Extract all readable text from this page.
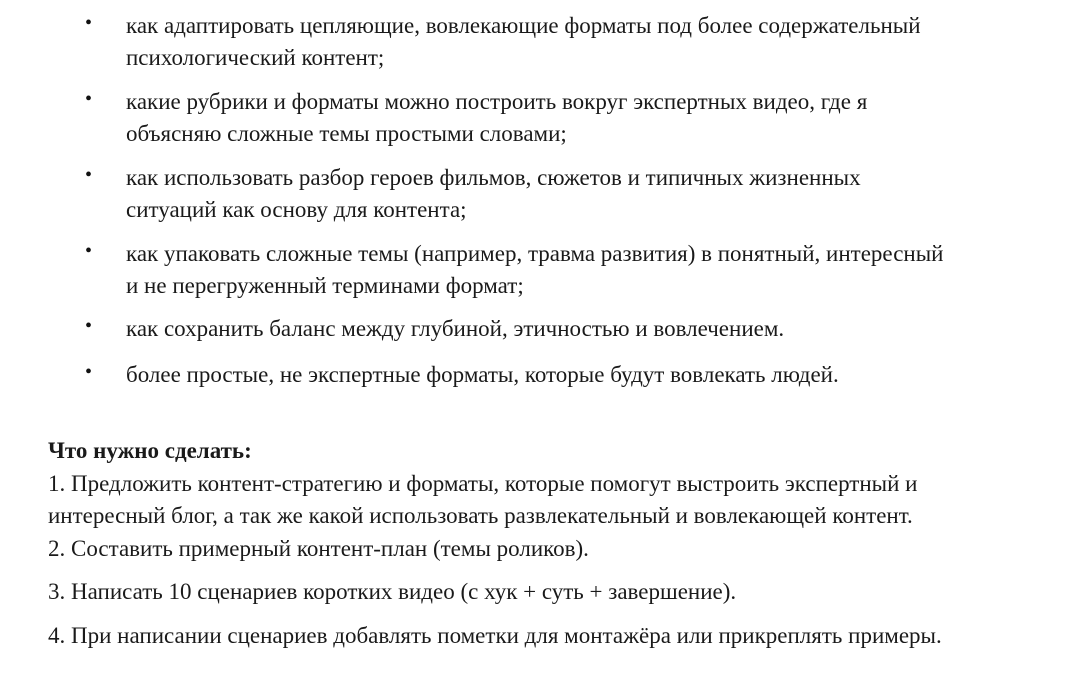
• как адаптировать цепляющие, вовлекающие форматы под более содержательный
психологический контент;
• какие рубрики и форматы можно построить вокруг экспертных видео, где я
объясняю сложные темы простыми словами;
• как использовать разбор героев фильмов, сюжетов и типичных жизненных
ситуаций как основу для контента;
• как упаковать сложные темы (например, травма развития) в понятный, интересный
и не перегруженный терминами формат;
• как сохранить баланс между глубиной, этичностью и вовлечением.
• более простые, не экспертные форматы, которые будут вовлекать людей.
Что нужно сделать:
1. Предложить контент-стратегию и форматы, которые помогут выстроить экспертный и
интересный блог, а так же какой использовать развлекательный и вовлекающей контент.
2. Составить примерный контент-план (темы роликов).
3. Написать 10 сценариев коротких видео (с хук + суть + завершение).
4. При написании сценариев добавлять пометки для монтажёра или прикреплять примеры.
